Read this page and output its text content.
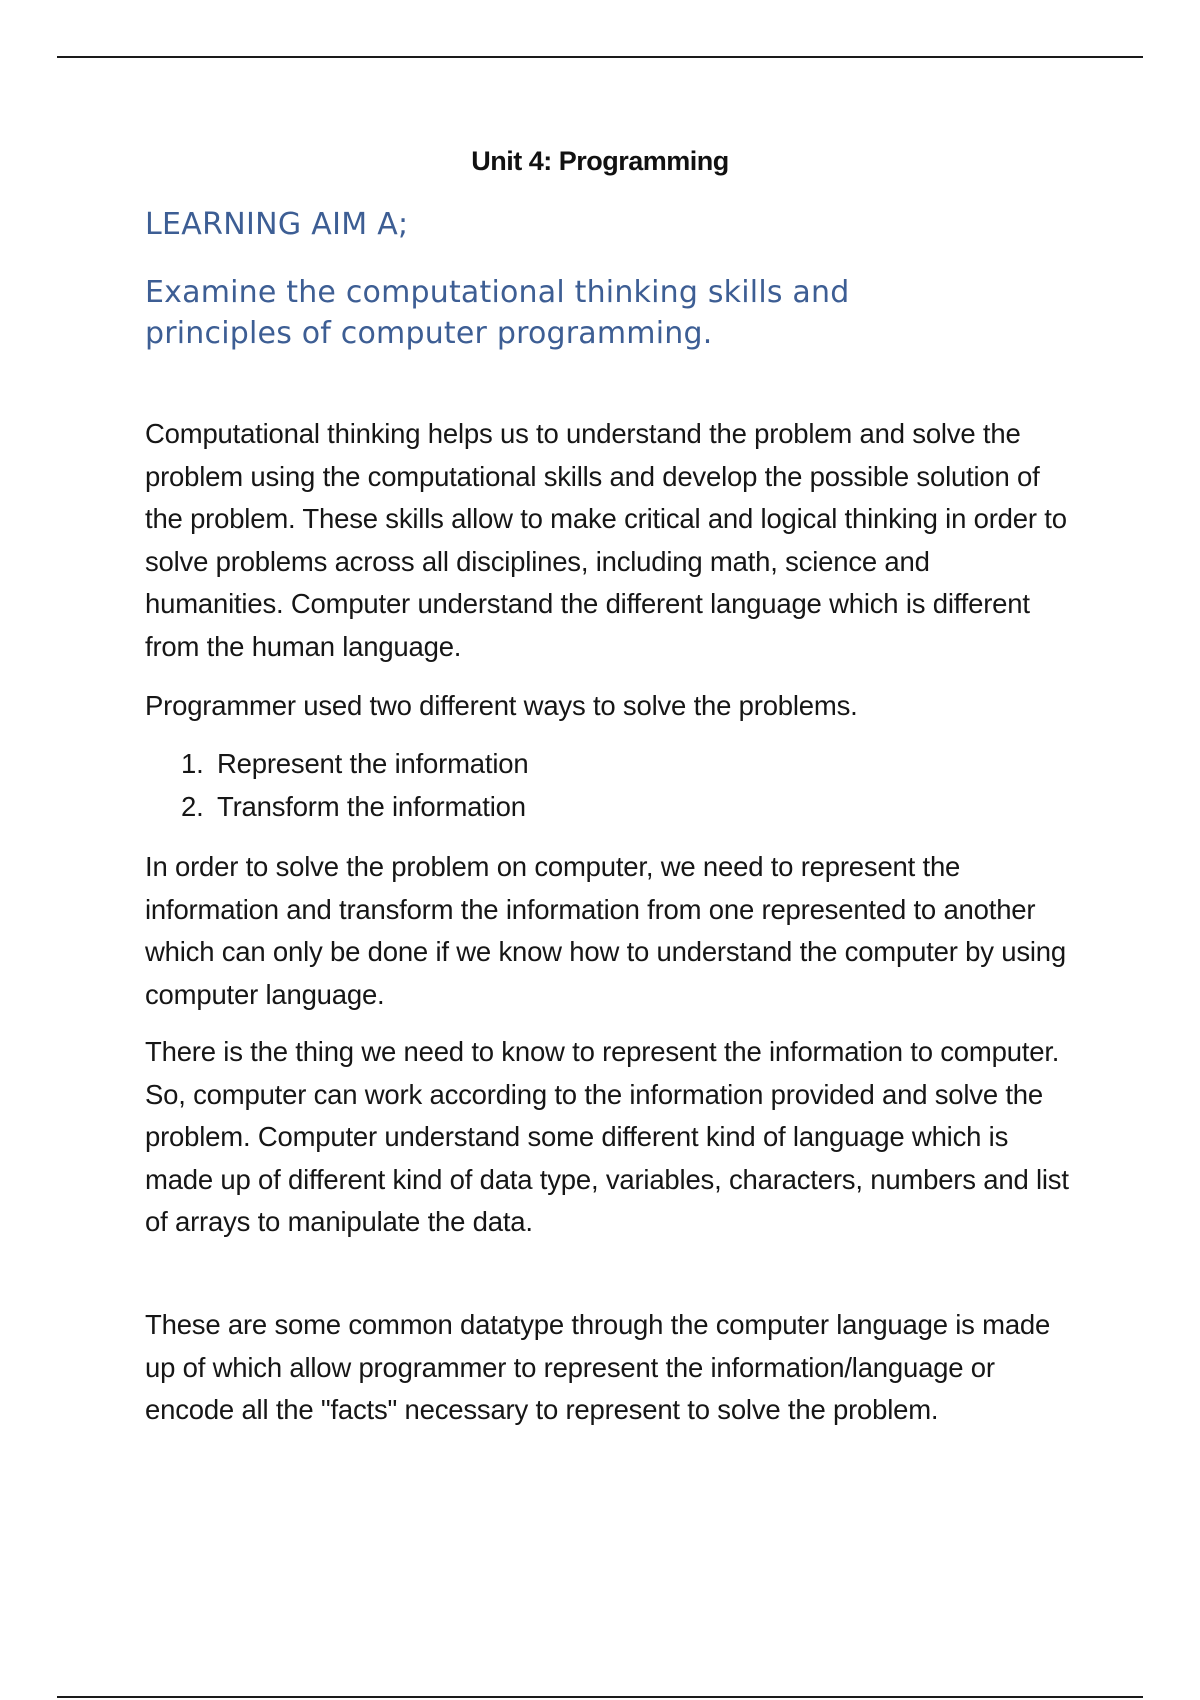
Unit 4: Programming
LEARNING AIM A;
Examine the computational thinking skills and principles of computer programming.

Computational thinking helps us to understand the problem and solve the problem using the computational skills and develop the possible solution of the problem. These skills allow to make critical and logical thinking in order to solve problems across all disciplines, including math, science and humanities. Computer understand the different language which is different from the human language.

Programmer used two different ways to solve the problems.

1. Represent the information
2. Transform the information

In order to solve the problem on computer, we need to represent the information and transform the information from one represented to another which can only be done if we know how to understand the computer by using computer language.

There is the thing we need to know to represent the information to computer. So, computer can work according to the information provided and solve the problem. Computer understand some different kind of language which is made up of different kind of data type, variables, characters, numbers and list of arrays to manipulate the data.

These are some common datatype through the computer language is made up of which allow programmer to represent the information/language or encode all the "facts" necessary to represent to solve the problem.
